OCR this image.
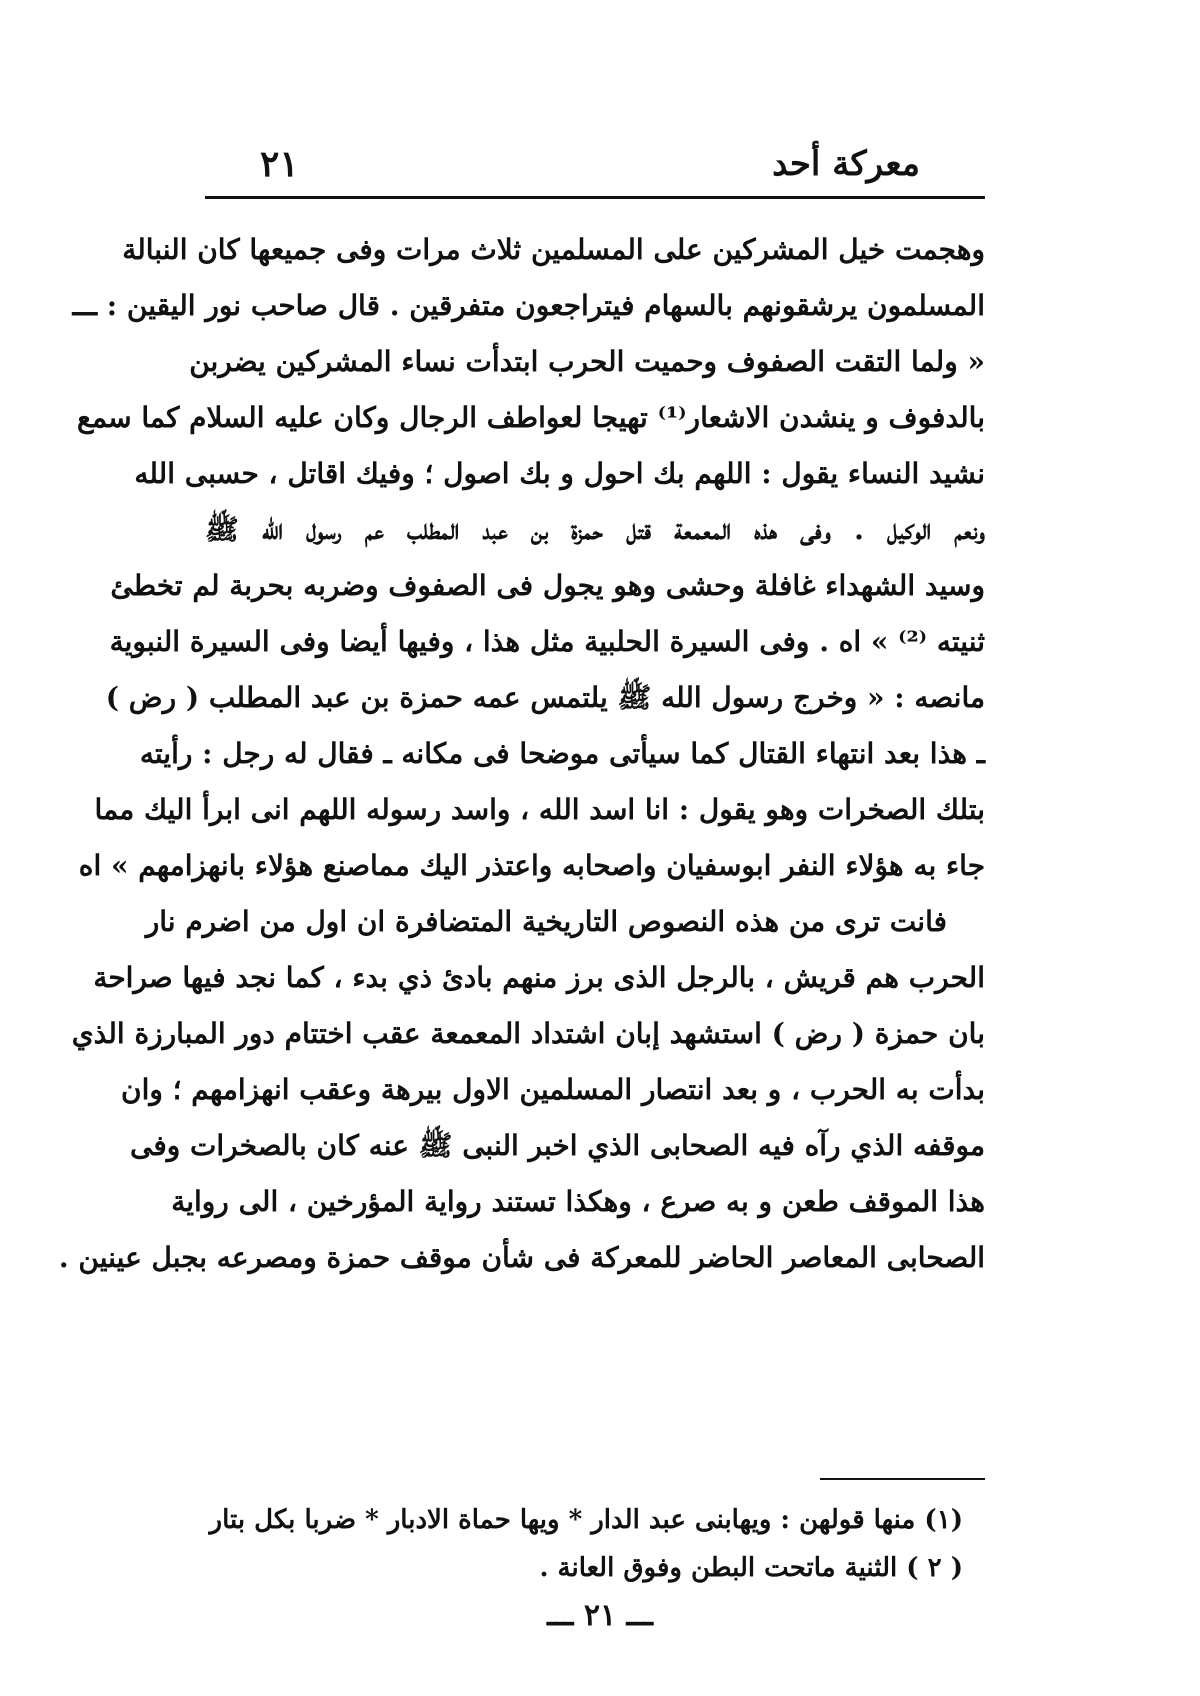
معركة أحد
٢١
وهجمت خيل المشركين على المسلمين ثلاث مرات وفى جميعها كان النبالة
المسلمون يرشقونهم بالسهام فيتراجعون متفرقين . قال صاحب نور اليقين : ـــ
« ولما التقت الصفوف وحميت الحرب ابتدأت نساء المشركين يضربن
بالدفوف و ينشدن الاشعار⁽¹⁾ تهيجا لعواطف الرجال وكان عليه السلام كما سمع
نشيد النساء يقول : اللهم بك احول و بك اصول ؛ وفيك اقاتل ، حسبى الله
ونعم الوكيل . وفى هذه المعمعة قتل حمزة بن عبد المطلب عم رسول الله ﷺ
وسيد الشهداء غافلة وحشى وهو يجول فى الصفوف وضربه بحربة لم تخطئ
ثنيته ⁽²⁾ » اه . وفى السيرة الحلبية مثل هذا ، وفيها أيضا وفى السيرة النبوية
مانصه : « وخرج رسول الله ﷺ يلتمس عمه حمزة بن عبد المطلب ( رض )
ـ هذا بعد انتهاء القتال كما سيأتى موضحا فى مكانه ـ فقال له رجل : رأيته
بتلك الصخرات وهو يقول : انا اسد الله ، واسد رسوله اللهم انى ابرأ اليك مما
جاء به هؤلاء النفر ابوسفيان واصحابه واعتذر اليك مماصنع هؤلاء بانهزامهم » اه
فانت ترى من هذه النصوص التاريخية المتضافرة ان اول من اضرم نار
الحرب هم قريش ، بالرجل الذى برز منهم بادئ ذي بدء ، كما نجد فيها صراحة
بان حمزة ( رض ) استشهد إبان اشتداد المعمعة عقب اختتام دور المبارزة الذي
بدأت به الحرب ، و بعد انتصار المسلمين الاول بيرهة وعقب انهزامهم ؛ وان
موقفه الذي رآه فيه الصحابى الذي اخبر النبى ﷺ عنه كان بالصخرات وفى
هذا الموقف طعن و به صرع ، وهكذا تستند رواية المؤرخين ، الى رواية
الصحابى المعاصر الحاضر للمعركة فى شأن موقف حمزة ومصرعه بجبل عينين .
(١) منها قولهن : ويهابنى عبد الدار * ويها حماة الادبار * ضربا بكل بتار
( ٢ ) الثنية ماتحت البطن وفوق العانة .
ـــ ٢١ ـــ
